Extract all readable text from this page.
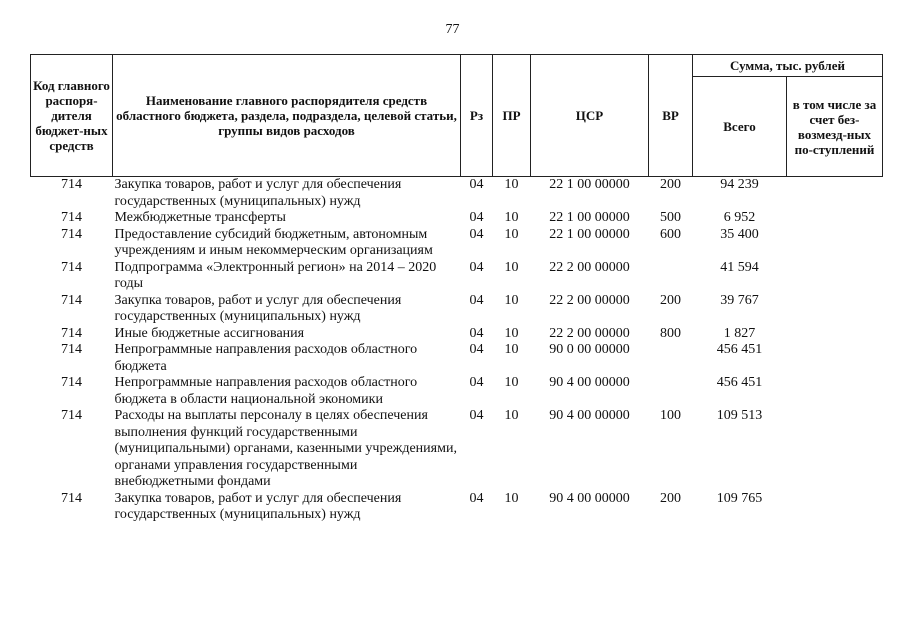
77
Код главного распоря-дителя бюджет-ных средств	Наименование главного распорядителя средств областного бюджета, раздела, подраздела, целевой статьи, группы видов расходов	Рз	ПР	ЦСР	ВР	Сумма, тыс. рублей	
						Всего	в том числе за счет без-возмезд-ных по-ступлений
714	Закупка товаров, работ и услуг для обеспечения государственных (муниципальных) нужд	04	10	22 1 00 00000	200	94 239	
714	Межбюджетные трансферты	04	10	22 1 00 00000	500	6 952	
714	Предоставление субсидий бюджетным, автономным учреждениям и иным некоммерческим организациям	04	10	22 1 00 00000	600	35 400	
714	Подпрограмма «Электронный регион» на 2014 – 2020 годы	04	10	22 2 00 00000		41 594	
714	Закупка товаров, работ и услуг для обеспечения государственных (муниципальных) нужд	04	10	22 2 00 00000	200	39 767	
714	Иные бюджетные ассигнования	04	10	22 2 00 00000	800	1 827	
714	Непрограммные направления расходов областного бюджета	04	10	90 0 00 00000		456 451	
714	Непрограммные направления расходов областного бюджета в области национальной экономики	04	10	90 4 00 00000		456 451	
714	Расходы на выплаты персоналу в целях обеспечения выполнения функций государственными (муниципальными) органами, казенными учреждениями, органами управления государственными внебюджетными фондами	04	10	90 4 00 00000	100	109 513	
714	Закупка товаров, работ и услуг для обеспечения государственных (муниципальных) нужд	04	10	90 4 00 00000	200	109 765	
